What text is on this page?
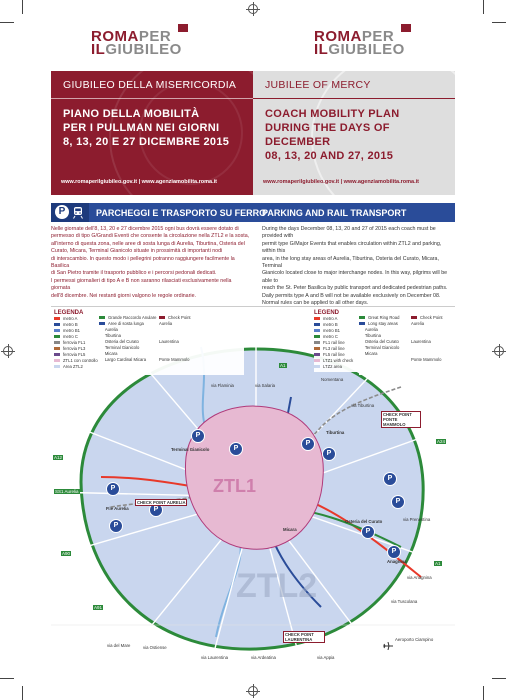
ROMAPER
ILGIUBILEO
ROMAPER
ILGIUBILEO
GIUBILEO DELLA MISERICORDIA
PIANO DELLA MOBILITÀ
PER I PULLMAN NEI GIORNI
8, 13, 20 E 27 DICEMBRE 2015
www.romaperilgiubileo.gov.it | www.agenziamobilita.roma.it
JUBILEE OF MERCY
COACH MOBILITY PLAN
DURING THE DAYS OF DECEMBER
08, 13, 20 AND 27, 2015
www.romaperilgiubileo.gov.it | www.agenziamobilita.roma.it
P	PARCHEGGI E TRASPORTO SU FERRO
PARKING AND RAIL TRANSPORT
Nelle giornate dell'8, 13, 20 e 27 dicembre 2015 ogni bus dovrà essere dotato di
permesso di tipo G/Grandi Eventi che consente la circolazione nella ZTL2 e la sosta,
all'interno di questa zona, nelle aree di sosta lunga di Aurelia, Tiburtina, Osteria del
Curato, Micara, Terminal Gianicolo situate in prossimità di importanti nodi
di interscambio. In questo modo i pellegrini potranno raggiungere facilmente la Basilica
di San Pietro tramite il trasporto pubblico e i percorsi pedonali dedicati.
I permessi giornalieri di tipo A e B non saranno rilasciati esclusivamente nella giornata
dell'8 dicembre. Nei restanti giorni valgono le regole ordinarie.
During the days December 08, 13, 20 and 27 of 2015 each coach must be provided with
permit type G/Major Events that enables circulation within ZTL2 and parking, within this
area, in the long stay areas of Aurelia, Tiburtina, Osteria del Curato, Micara, Terminal
Gianicolo located close to major interchange nodes. In this way, pilgrims will be able to
reach the St. Peter Basilica by public transport and dedicated pedestrian paths.
Daily permits type A and B will not be available exclusively on December 08.
Normal rules can be applied to all other days.
ZTL1
ZTL2
LEGENDA
metro A
metro B
metro B1
metro C
ferrovia FL1
ferrovia FL3
ferrovia FL5
ZTL1 con controllo
Area ZTL2
Grande Raccordo Anulare
Aree di sosta lunga
Aurelia
Tiburtina
Osteria del Curato
Terminal Gianicolo
Micara
Largo Cardinal Micara
Check Point
Aurelia
Laurentina
Ponte Mammolo
LEGEND
metro A
metro B
metro B1
metro C
FL1 rail line
FL3 rail line
FL5 rail line
LTZ1 with check
LTZ2 area
Great Ring Road
Long stay areas
Aurelia
Tiburtina
Osteria del Curato
Terminal Gianicolo
Micara
Check Point
Aurelia
Laurentina
Ponte Mammolo
P
P
P
P
P
P
P
P
P
P
P
P.le Aurelia
Tiburtina
Terminal Gianicolo
Osteria del Curato
Micara
Anagnina
CHECK POINT AURELIA
CHECK POINT PONTE MAMMOLO
CHECK POINT LAURENTINA
A1
A24
A1
A12
SS1 Aurelia
via Prenestina
via Tuscolana
via Anagnina
via Appia
via Ardeatina
via Laurentina
via Ostiense
via del Mare
A91
via Tiburtina
Nomentana
A90
via Salaria
via Flaminia
Aeroporto Ciampino
